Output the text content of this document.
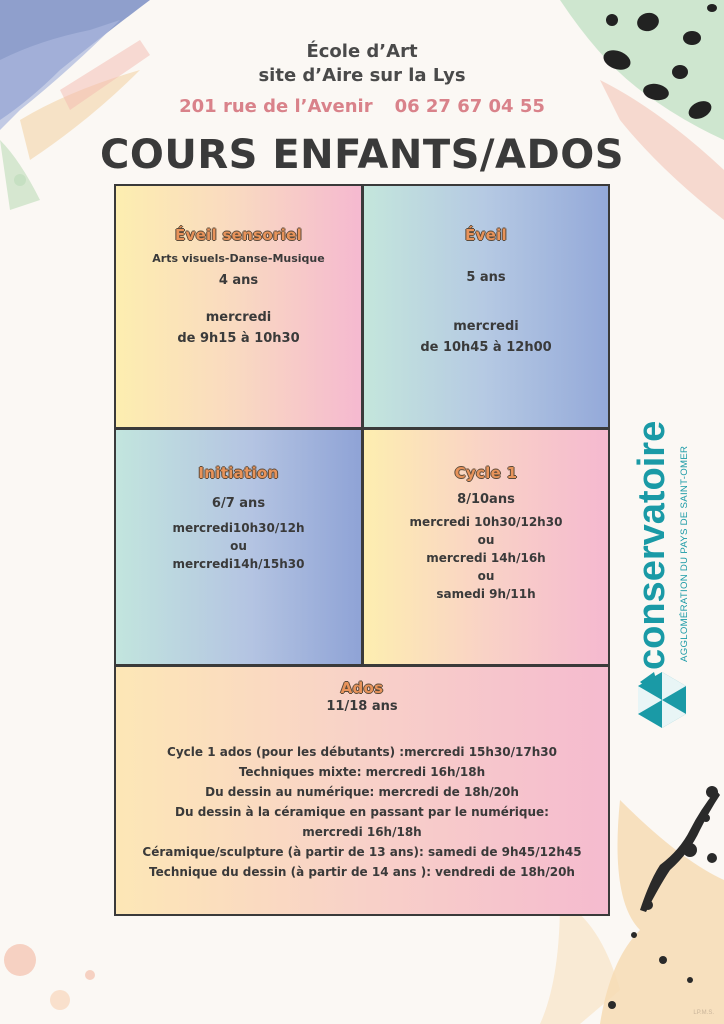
École d’Art
site d’Aire sur la Lys
201 rue de l’Avenir 06 27 67 04 55
COURS ENFANTS/ADOS
Éveil sensoriel
Arts visuels-Danse-Musique
4 ans
mercredi
de 9h15 à 10h30
Éveil
5 ans
mercredi
de 10h45 à 12h00
Initiation
6/7 ans
mercredi10h30/12h
ou
mercredi14h/15h30
Cycle 1
8/10ans
mercredi 10h30/12h30
ou
mercredi 14h/16h
ou
samedi 9h/11h
Ados
11/18 ans
Cycle 1 ados (pour les débutants) :mercredi 15h30/17h30
Techniques mixte: mercredi 16h/18h
Du dessin au numérique: mercredi de 18h/20h
Du dessin à la céramique en passant par le numérique:
mercredi 16h/18h
Céramique/sculpture (à partir de 13 ans): samedi de 9h45/12h45
Technique du dessin (à partir de 14 ans ): vendredi de 18h/20h
conservatoire AGGLOMÉRATION DU PAYS DE SAINT-OMER
LP.M.S.
